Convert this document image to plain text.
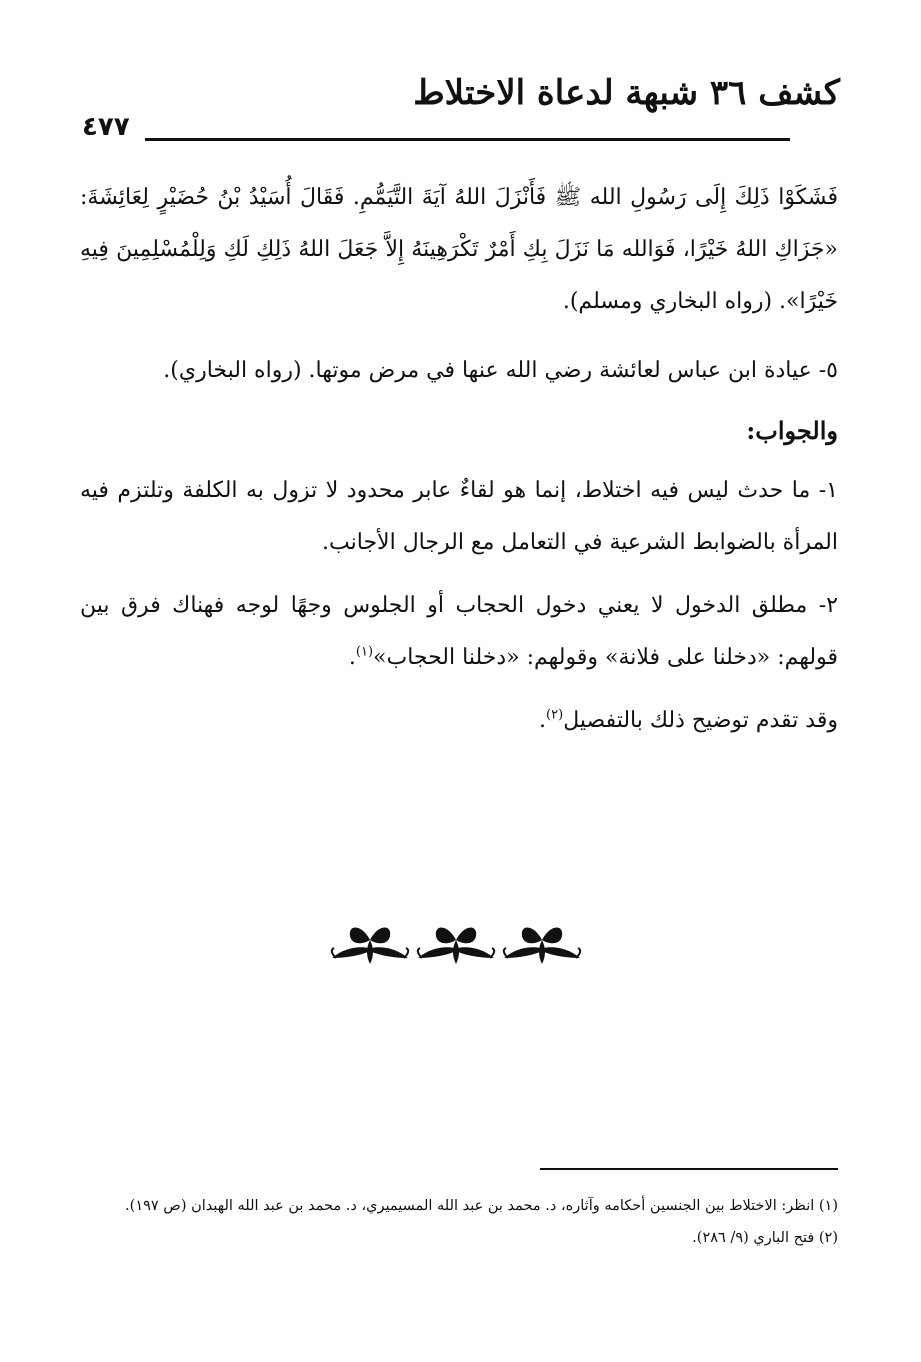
كشف ٣٦ شبهة لدعاة الاختلاط
٤٧٧
فَشَكَوْا ذَلِكَ إِلَى رَسُولِ الله ﷺ فَأَنْزَلَ اللهُ آيَةَ التَّيَمُّمِ. فَقَالَ أُسَيْدُ بْنُ حُضَيْرٍ لِعَائِشَةَ: «جَزَاكِ اللهُ خَيْرًا، فَوَالله مَا نَزَلَ بِكِ أَمْرٌ تَكْرَهِينَهُ إِلاَّ جَعَلَ اللهُ ذَلِكِ لَكِ وَلِلْمُسْلِمِينَ فِيهِ خَيْرًا». (رواه البخاري ومسلم).
٥- عيادة ابن عباس لعائشة رضي الله عنها في مرض موتها. (رواه البخاري).
والجواب:
١- ما حدث ليس فيه اختلاط، إنما هو لقاءٌ عابر محدود لا تزول به الكلفة وتلتزم فيه المرأة بالضوابط الشرعية في التعامل مع الرجال الأجانب.
٢- مطلق الدخول لا يعني دخول الحجاب أو الجلوس وجهًا لوجه فهناك فرق بين قولهم: «دخلنا على فلانة» وقولهم: «دخلنا الحجاب»$^{(١)}$.
وقد تقدم توضيح ذلك بالتفصيل$^{(٢)}$.
(١) انظر: الاختلاط بين الجنسين أحكامه وآثاره، د. محمد بن عبد الله المسيميري، د. محمد بن عبد الله الهبدان (ص ١٩٧).
(٢) فتح الباري (٩/ ٢٨٦).
